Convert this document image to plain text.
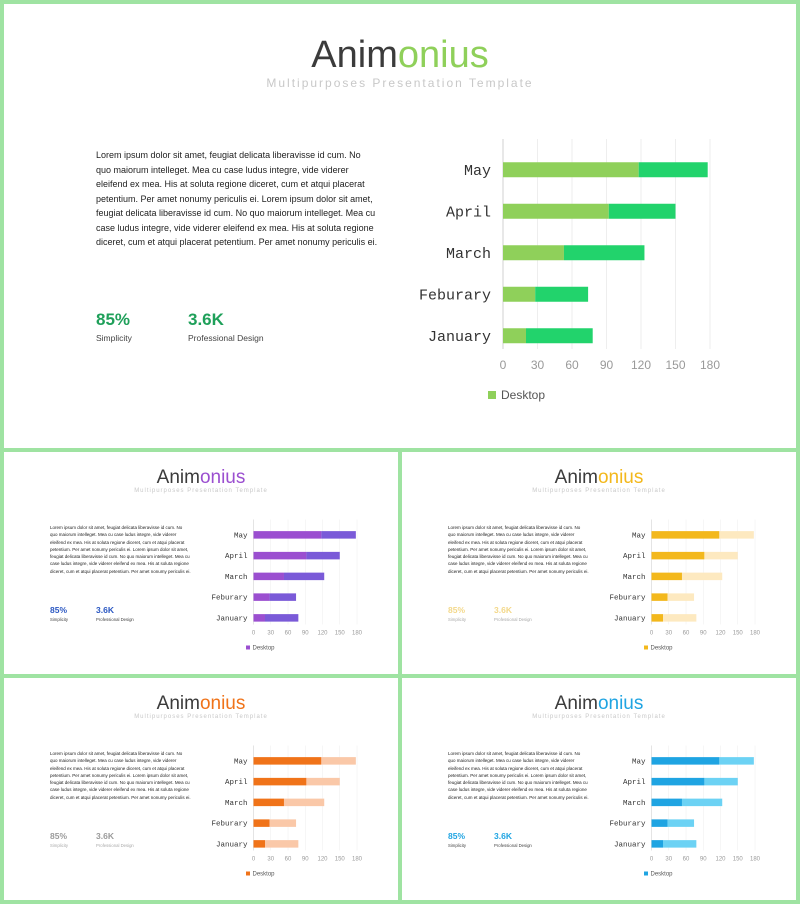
Animonius
Multipurposes Presentation Template
Lorem ipsum dolor sit amet, feugiat delicata liberavisse id cum. No quo maiorum intelleget. Mea cu case ludus integre, vide viderer eleifend ex mea. His at soluta regione diceret, cum et atqui placerat petentium. Per amet nonumy periculis ei. Lorem ipsum dolor sit amet, feugiat delicata liberavisse id cum. No quo maiorum intelleget. Mea cu case ludus integre, vide viderer eleifend ex mea. His at soluta regione diceret, cum et atqui placerat petentium. Per amet nonumy periculis ei.
85%
Simplicity
3.6K
Professional Design
May
April
March
Feburary
January
0 30 60 90 120 150 180
Desktop
Animonius
Multipurposes Presentation Template
Lorem ipsum dolor sit amet, feugiat delicata liberavisse id cum. No quo maiorum intelleget. Mea cu case ludus integre, vide viderer eleifend ex mea. His at soluta regione diceret, cum et atqui placerat petentium. Per amet nonumy periculis ei. Lorem ipsum dolor sit amet, feugiat delicata liberavisse id cum. No quo maiorum intelleget. Mea cu case ludus integre, vide viderer eleifend ex mea. His at soluta regione diceret, cum et atqui placerat petentium. Per amet nonumy periculis ei.
85%
Simplicity
3.6K
Professional Design
May
April
March
Feburary
January
0 30 60 90 120 150 180
Desktop
Animonius
Multipurposes Presentation Template
Lorem ipsum dolor sit amet, feugiat delicata liberavisse id cum. No quo maiorum intelleget. Mea cu case ludus integre, vide viderer eleifend ex mea. His at soluta regione diceret, cum et atqui placerat petentium. Per amet nonumy periculis ei. Lorem ipsum dolor sit amet, feugiat delicata liberavisse id cum. No quo maiorum intelleget. Mea cu case ludus integre, vide viderer eleifend ex mea. His at soluta regione diceret, cum et atqui placerat petentium. Per amet nonumy periculis ei.
85%
Simplicity
3.6K
Professional Design
May
April
March
Feburary
January
0 30 60 90 120 150 180
Desktop
Animonius
Multipurposes Presentation Template
Lorem ipsum dolor sit amet, feugiat delicata liberavisse id cum. No quo maiorum intelleget. Mea cu case ludus integre, vide viderer eleifend ex mea. His at soluta regione diceret, cum et atqui placerat petentium. Per amet nonumy periculis ei. Lorem ipsum dolor sit amet, feugiat delicata liberavisse id cum. No quo maiorum intelleget. Mea cu case ludus integre, vide viderer eleifend ex mea. His at soluta regione diceret, cum et atqui placerat petentium. Per amet nonumy periculis ei.
85%
Simplicity
3.6K
Professional Design
May
April
March
Feburary
January
0 30 60 90 120 150 180
Desktop
Animonius
Multipurposes Presentation Template
Lorem ipsum dolor sit amet, feugiat delicata liberavisse id cum. No quo maiorum intelleget. Mea cu case ludus integre, vide viderer eleifend ex mea. His at soluta regione diceret, cum et atqui placerat petentium. Per amet nonumy periculis ei. Lorem ipsum dolor sit amet, feugiat delicata liberavisse id cum. No quo maiorum intelleget. Mea cu case ludus integre, vide viderer eleifend ex mea. His at soluta regione diceret, cum et atqui placerat petentium. Per amet nonumy periculis ei.
85%
Simplicity
3.6K
Professional Design
May
April
March
Feburary
January
0 30 60 90 120 150 180
Desktop
